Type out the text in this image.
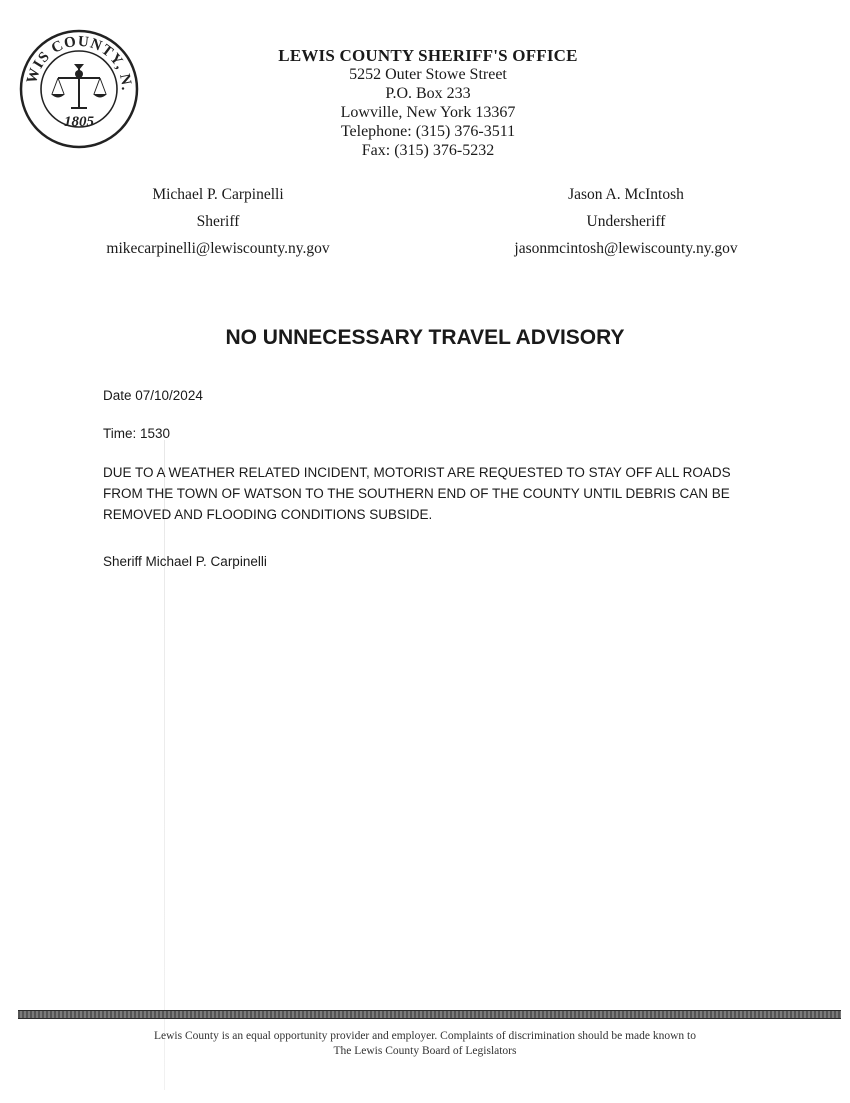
WIS COUNTY, N.
1805
LEWIS COUNTY SHERIFF'S OFFICE
5252 Outer Stowe Street
P.O. Box 233
Lowville, New York 13367
Telephone: (315) 376-3511
Fax: (315) 376-5232
Michael P. Carpinelli
Sheriff
mikecarpinelli@lewiscounty.ny.gov
Jason A. McIntosh
Undersheriff
jasonmcintosh@lewiscounty.ny.gov
NO UNNECESSARY TRAVEL ADVISORY
Date 07/10/2024
Time: 1530
DUE TO A WEATHER RELATED INCIDENT, MOTORIST ARE REQUESTED TO STAY OFF ALL ROADS FROM THE TOWN OF WATSON TO THE SOUTHERN END OF THE COUNTY UNTIL DEBRIS CAN BE REMOVED AND FLOODING CONDITIONS SUBSIDE.
Sheriff Michael P. Carpinelli
Lewis County is an equal opportunity provider and employer. Complaints of discrimination should be made known to
The Lewis County Board of Legislators
